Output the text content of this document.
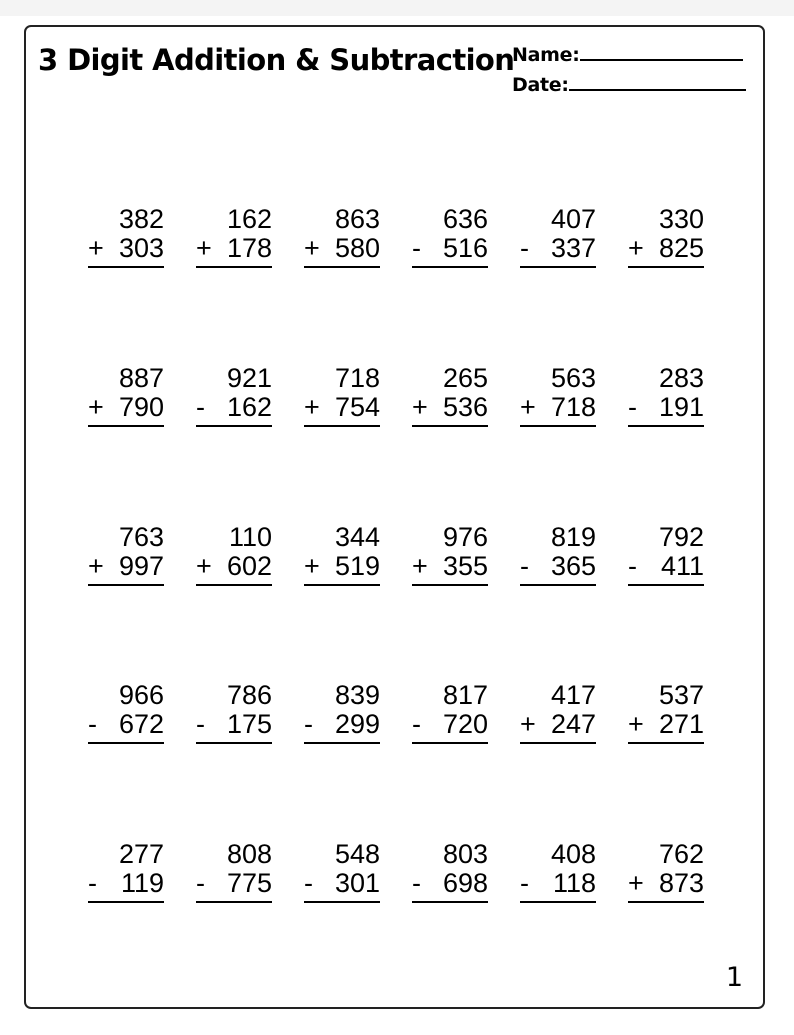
3 Digit Addition & Subtraction
Name:
Date:
382
+ 303
162
+ 178
863
+ 580
636
- 516
407
- 337
330
+ 825
887
+ 790
921
- 162
718
+ 754
265
+ 536
563
+ 718
283
- 191
763
+ 997
110
+ 602
344
+ 519
976
+ 355
819
- 365
792
- 411
966
- 672
786
- 175
839
- 299
817
- 720
417
+ 247
537
+ 271
277
- 119
808
- 775
548
- 301
803
- 698
408
- 118
762
+ 873
1
